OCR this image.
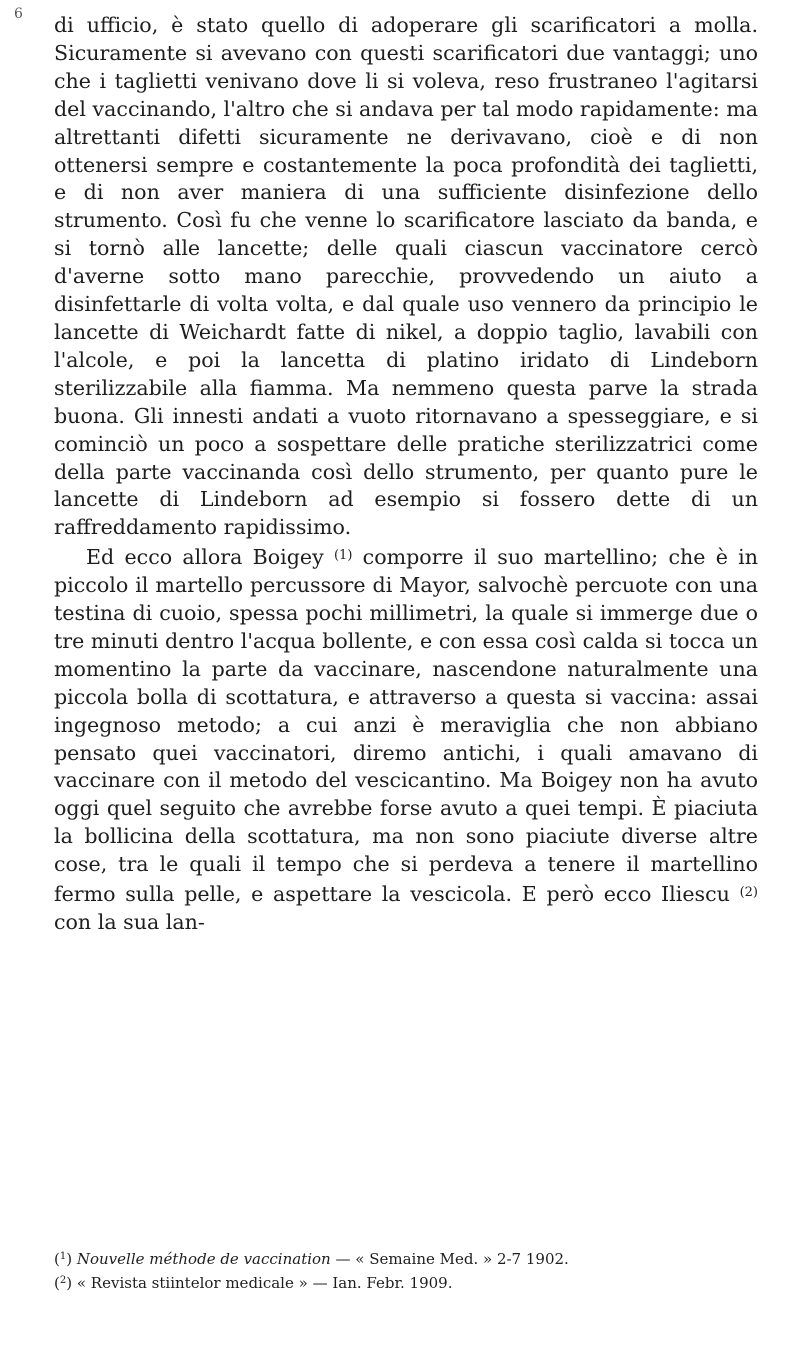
6 di ufficio, è stato quello di adoperare gli scarificatori a molla. Sicuramente si avevano con questi scarificatori due vantaggi; uno che i taglietti venivano dove li si voleva, reso frustraneo l'agitarsi del vaccinando, l'altro che si andava per tal modo rapidamente: ma altrettanti difetti sicuramente ne derivavano, cioè e di non ottenersi sempre e costantemente la poca profondità dei taglietti, e di non aver maniera di una sufficiente disinfezione dello strumento. Così fu che venne lo scarificatore lasciato da banda, e si tornò alle lancette; delle quali ciascun vaccinatore cercò d'averne sotto mano parecchie, provvedendo un aiuto a disinfettarle di volta volta, e dal quale uso vennero da principio le lancette di Weichardt fatte di nikel, a doppio taglio, lavabili con l'alcole, e poi la lancetta di platino iridato di Lindeborn sterilizzabile alla fiamma. Ma nemmeno questa parve la strada buona. Gli innesti andati a vuoto ritornavano a spesseggiare, e si cominciò un poco a sospettare delle pratiche sterilizzatrici come della parte vaccinanda così dello strumento, per quanto pure le lancette di Lindeborn ad esempio si fossero dette di un raffreddamento rapidissimo.

Ed ecco allora Boigey $^{(1)}$ comporre il suo martellino; che è in piccolo il martello percussore di Mayor, salvochè percuote con una testina di cuoio, spessa pochi millimetri, la quale si immerge due o tre minuti dentro l'acqua bollente, e con essa così calda si tocca un momentino la parte da vaccinare, nascendone naturalmente una piccola bolla di scottatura, e attraverso a questa si vaccina: assai ingegnoso metodo; a cui anzi è meraviglia che non abbiano pensato quei vaccinatori, diremo antichi, i quali amavano di vaccinare con il metodo del vescicantino. Ma Boigey non ha avuto oggi quel seguito che avrebbe forse avuto a quei tempi. È piaciuta la bollicina della scottatura, ma non sono piaciute diverse altre cose, tra le quali il tempo che si perdeva a tenere il martellino fermo sulla pelle, e aspettare la vescicola. E però ecco Iliescu $^{(2)}$ con la sua lan-

($^1$) Nouvelle méthode de vaccination — « Semaine Med. » 2-7 1902.
($^2$) « Revista stiintelor medicale » — Ian. Febr. 1909.
